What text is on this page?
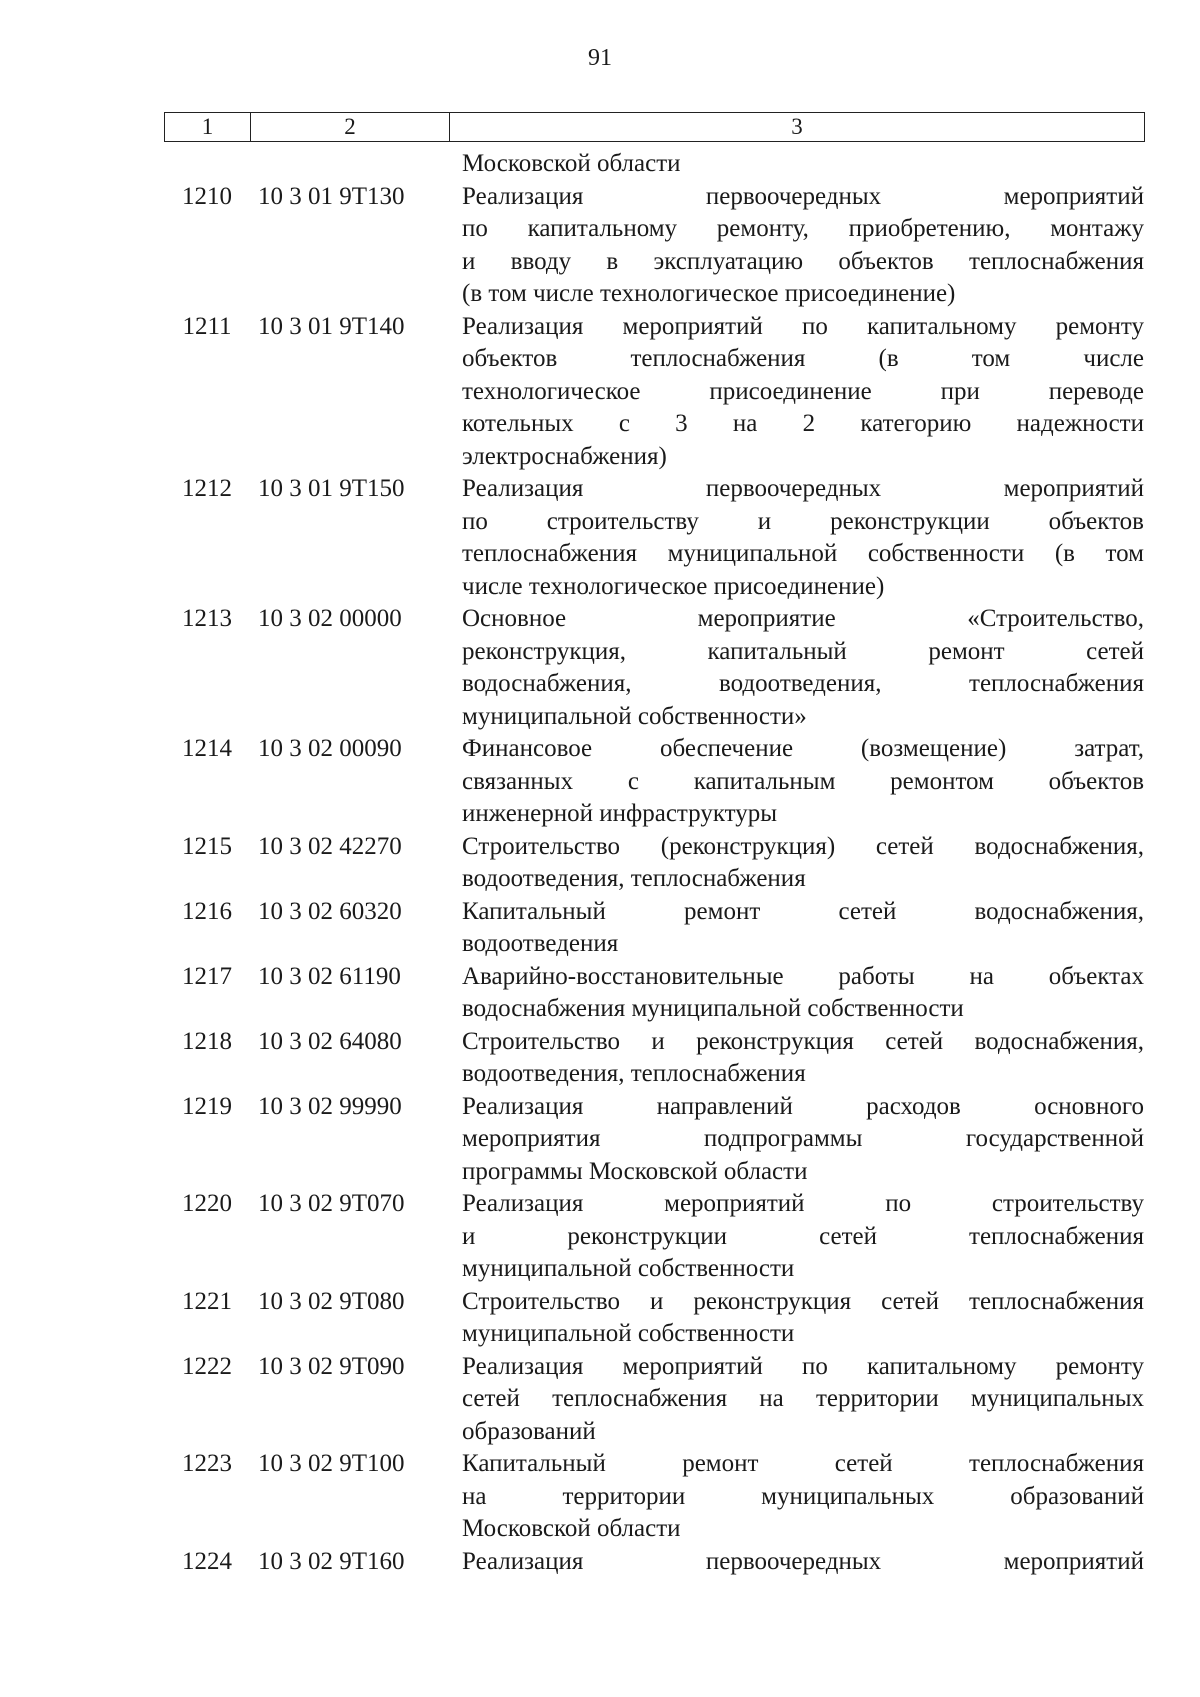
91
1	2	3
Московской области
1210	10 3 01 9Т130	Реализация первоочередных мероприятий
по капитальному ремонту, приобретению, монтажу
и вводу в эксплуатацию объектов теплоснабжения
(в том числе технологическое присоединение)
1211	10 3 01 9Т140	Реализация мероприятий по капитальному ремонту
объектов теплоснабжения (в том числе
технологическое присоединение при переводе
котельных с 3 на 2 категорию надежности
электроснабжения)
1212	10 3 01 9Т150	Реализация первоочередных мероприятий
по строительству и реконструкции объектов
теплоснабжения муниципальной собственности (в том
числе технологическое присоединение)
1213	10 3 02 00000	Основное мероприятие «Строительство,
реконструкция, капитальный ремонт сетей
водоснабжения, водоотведения, теплоснабжения
муниципальной собственности»
1214	10 3 02 00090	Финансовое обеспечение (возмещение) затрат,
связанных с капитальным ремонтом объектов
инженерной инфраструктуры
1215	10 3 02 42270	Строительство (реконструкция) сетей водоснабжения,
водоотведения, теплоснабжения
1216	10 3 02 60320	Капитальный ремонт сетей водоснабжения,
водоотведения
1217	10 3 02 61190	Аварийно-восстановительные работы на объектах
водоснабжения муниципальной собственности
1218	10 3 02 64080	Строительство и реконструкция сетей водоснабжения,
водоотведения, теплоснабжения
1219	10 3 02 99990	Реализация направлений расходов основного
мероприятия подпрограммы государственной
программы Московской области
1220	10 3 02 9Т070	Реализация мероприятий по строительству
и реконструкции сетей теплоснабжения
муниципальной собственности
1221	10 3 02 9Т080	Строительство и реконструкция сетей теплоснабжения
муниципальной собственности
1222	10 3 02 9Т090	Реализация мероприятий по капитальному ремонту
сетей теплоснабжения на территории муниципальных
образований
1223	10 3 02 9Т100	Капитальный ремонт сетей теплоснабжения
на территории муниципальных образований
Московской области
1224	10 3 02 9Т160	Реализация первоочередных мероприятий
